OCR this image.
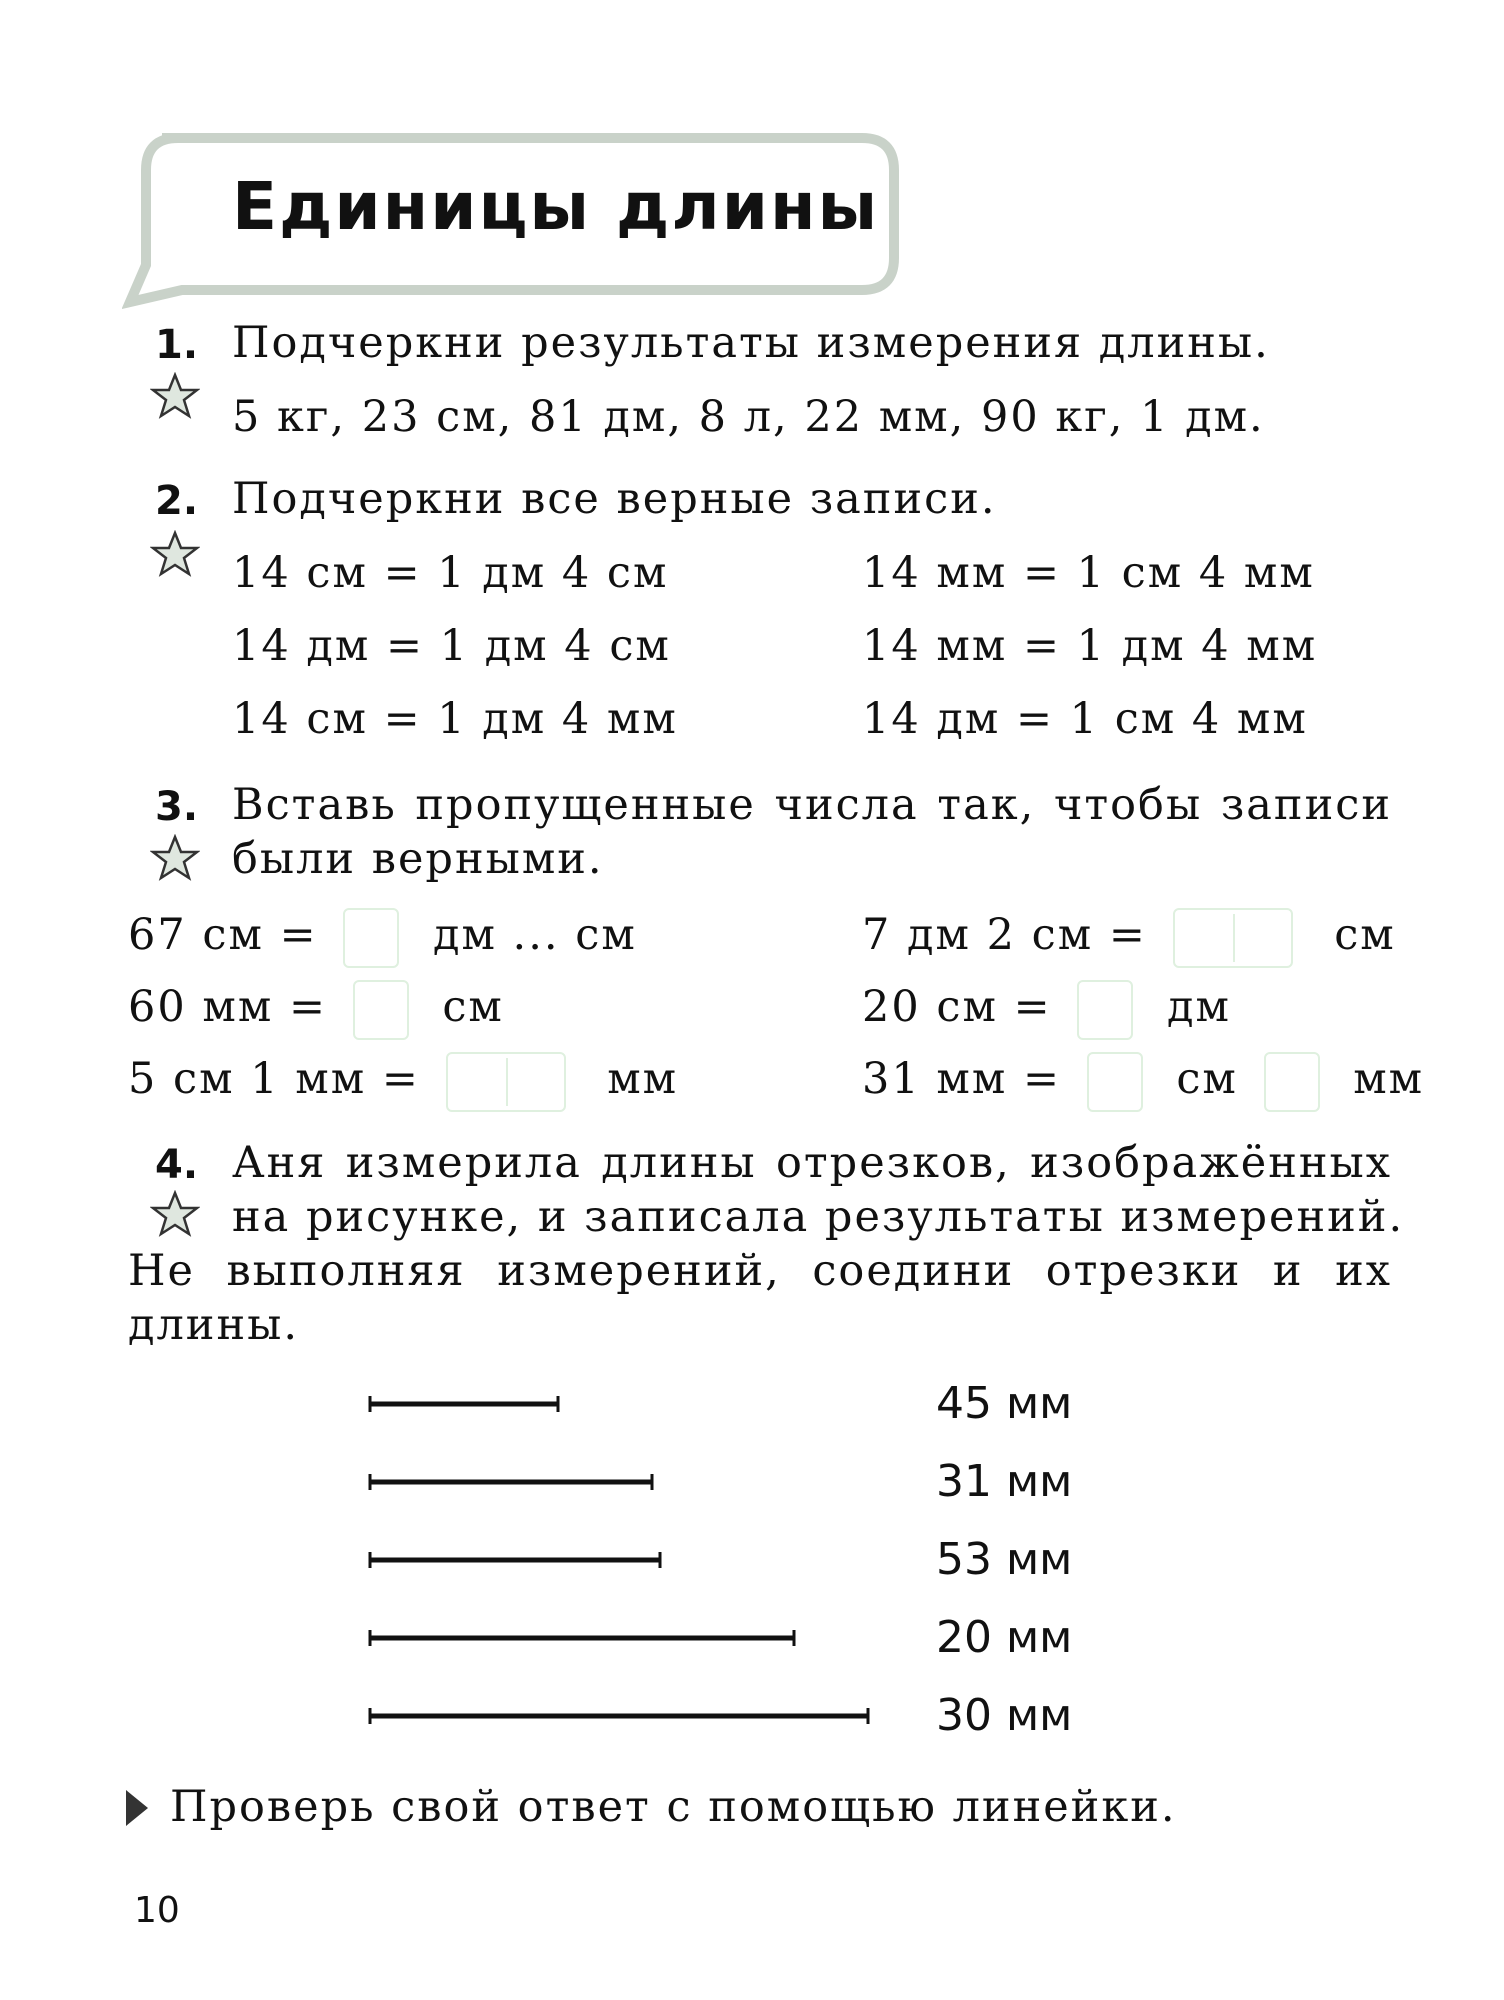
Единицы длины
1. Подчеркни результаты измерения длины.
5 кг, 23 см, 81 дм, 8 л, 22 мм, 90 кг, 1 дм.
2. Подчеркни все верные записи.
14 см = 1 дм 4 см
14 дм = 1 дм 4 см
14 см = 1 дм 4 мм
14 мм = 1 см 4 мм
14 мм = 1 дм 4 мм
14 дм = 1 см 4 мм
3. Вставь пропущенные числа так, чтобы записи
были верными.
67 см =	дм ... см
60 мм =	см
5 см 1 мм =	мм
7 дм 2 см =	см
20 см =	дм
31 мм =	см	мм
4. Аня измерила длины отрезков, изображённых
на рисунке, и записала результаты измерений.
Не выполняя измерений, соедини отрезки и их
длины.
45 мм
31 мм
53 мм
20 мм
30 мм
Проверь свой ответ с помощью линейки.
10
